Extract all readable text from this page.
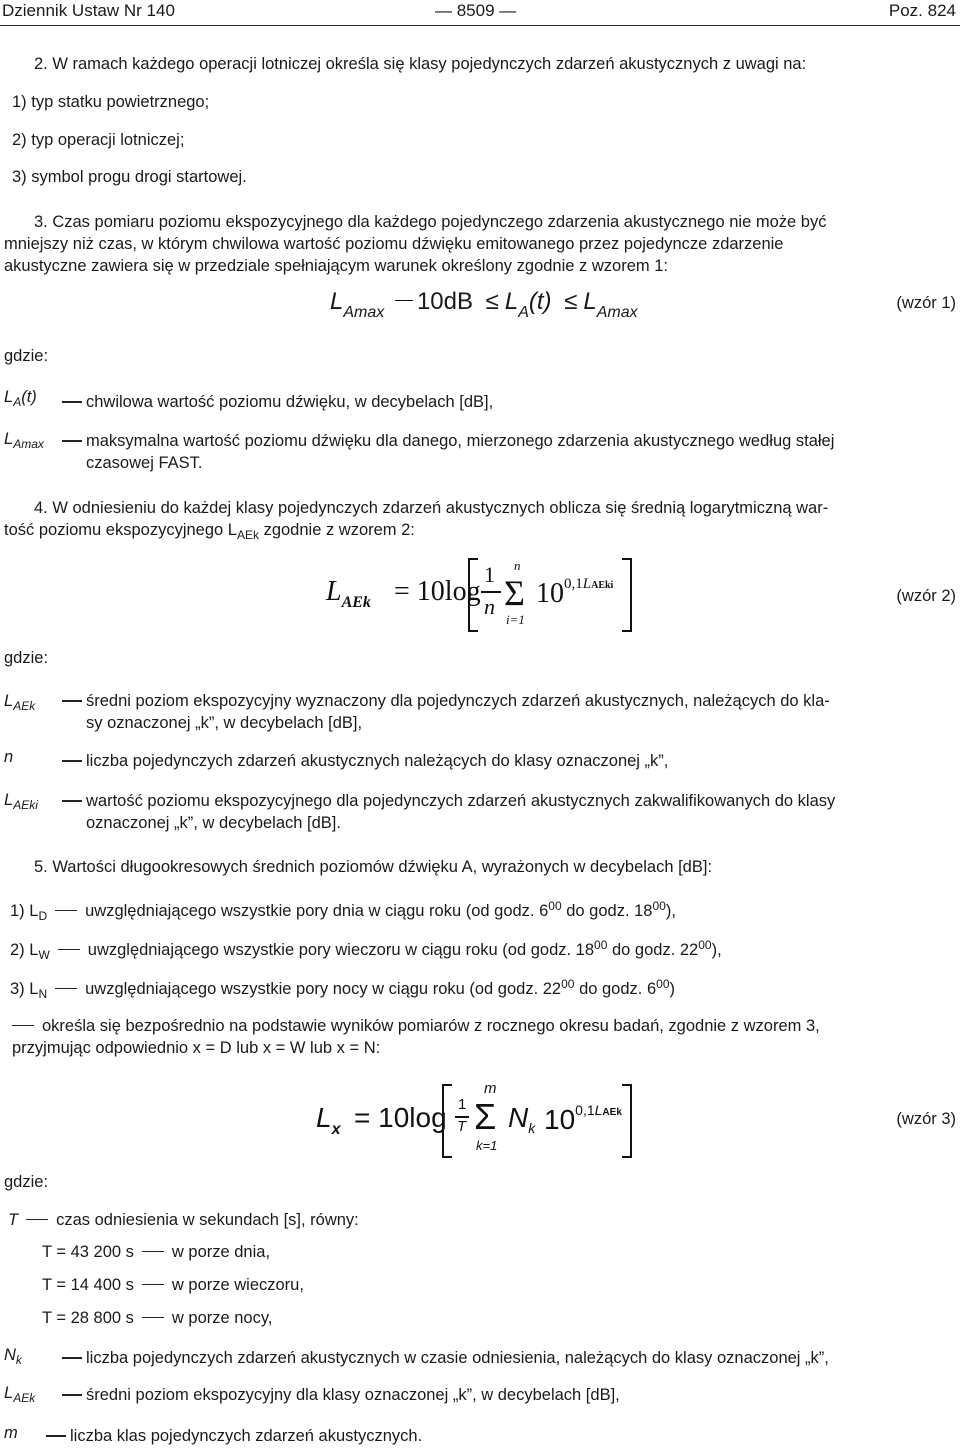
Dziennik Ustaw Nr 140	— 8509 —	Poz. 824
2. W ramach każdego operacji lotniczej określa się klasy pojedynczych zdarzeń akustycznych z uwagi na:
1) typ statku powietrznego;
2) typ operacji lotniczej;
3) symbol progu drogi startowej.
3. Czas pomiaru poziomu ekspozycyjnego dla każdego pojedynczego zdarzenia akustycznego nie może być
mniejszy niż czas, w którym chwilowa wartość poziomu dźwięku emitowanego przez pojedyncze zdarzenie
akustyczne zawiera się w przedziale spełniającym warunek określony zgodnie z wzorem 1:
$L_{Amax}$ $10dB \le L_A(t) \le L_{Amax}$
(wzór 1)
gdzie:
$L_A(t)$	chwilowa wartość poziomu dźwięku, w decybelach [dB],
$L_{Amax}$	maksymalna wartość poziomu dźwięku dla danego, mierzonego zdarzenia akustycznego według stałej
czasowej FAST.
4. W odniesieniu do każdej klasy pojedynczych zdarzeń akustycznych oblicza się średnią logarytmiczną war-
tość poziomu ekspozycyjnego $L_{AEk}$ zgodnie z wzorem 2:
$L_{AEk} = 10\log$
1
n
n
Σ
i=1
$10^{0,1LAEki}$
(wzór 2)
gdzie:
$L_{AEk}$	średni poziom ekspozycyjny wyznaczony dla pojedynczych zdarzeń akustycznych, należących do kla-
sy oznaczonej „k”, w decybelach [dB],
n	liczba pojedynczych zdarzeń akustycznych należących do klasy oznaczonej „k”,
$L_{AEki}$	wartość poziomu ekspozycyjnego dla pojedynczych zdarzeń akustycznych zakwalifikowanych do klasy
oznaczonej „k”, w decybelach [dB].
5. Wartości długookresowych średnich poziomów dźwięku A, wyrażonych w decybelach [dB]:
1) $L_D$ uwzględniającego wszystkie pory dnia w ciągu roku (od godz. $6^{00}$ do godz. $18^{00}$),
2) $L_W$ uwzględniającego wszystkie pory wieczoru w ciągu roku (od godz. $18^{00}$ do godz. $22^{00}$),
3) $L_N$ uwzględniającego wszystkie pory nocy w ciągu roku (od godz. $22^{00}$ do godz. $6^{00}$)
określa się bezpośrednio na podstawie wyników pomiarów z rocznego okresu badań, zgodnie z wzorem 3,
przyjmując odpowiednio x = D lub x = W lub x = N:
$L_x = 10\log$ 1
T
m
Σ
k=1
$N_k$ $10^{0,1LAEk}$	(wzór 3)
gdzie:
T czas odniesienia w sekundach [s], równy:
T = 43 200 s w porze dnia,
T = 14 400 s w porze wieczoru,
T = 28 800 s w porze nocy,
$N_k$	liczba pojedynczych zdarzeń akustycznych w czasie odniesienia, należących do klasy oznaczonej „k”,
$L_{AEk}$	średni poziom ekspozycyjny dla klasy oznaczonej „k”, w decybelach [dB],
m	liczba klas pojedynczych zdarzeń akustycznych.
